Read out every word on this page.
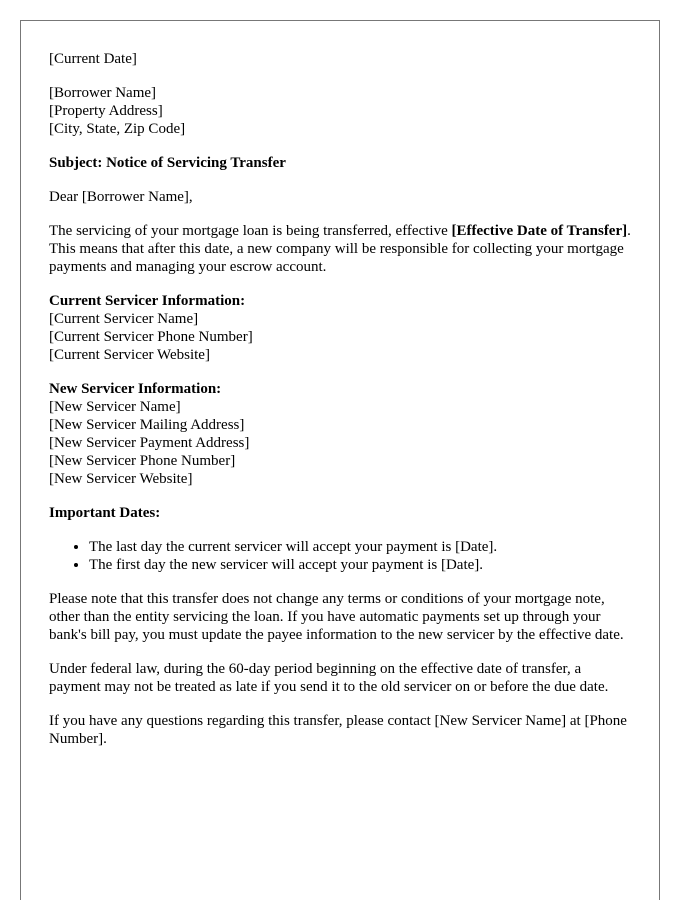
[Current Date]

[Borrower Name]
[Property Address]
[City, State, Zip Code]

Subject: Notice of Servicing Transfer

Dear [Borrower Name],

The servicing of your mortgage loan is being transferred, effective [Effective Date of Transfer]. This means that after this date, a new company will be responsible for collecting your mortgage payments and managing your escrow account.

Current Servicer Information:
[Current Servicer Name]
[Current Servicer Phone Number]
[Current Servicer Website]

New Servicer Information:
[New Servicer Name]
[New Servicer Mailing Address]
[New Servicer Payment Address]
[New Servicer Phone Number]
[New Servicer Website]

Important Dates:

• The last day the current servicer will accept your payment is [Date].
• The first day the new servicer will accept your payment is [Date].

Please note that this transfer does not change any terms or conditions of your mortgage note, other than the entity servicing the loan. If you have automatic payments set up through your bank's bill pay, you must update the payee information to the new servicer by the effective date.

Under federal law, during the 60-day period beginning on the effective date of transfer, a payment may not be treated as late if you send it to the old servicer on or before the due date.

If you have any questions regarding this transfer, please contact [New Servicer Name] at [Phone Number].
